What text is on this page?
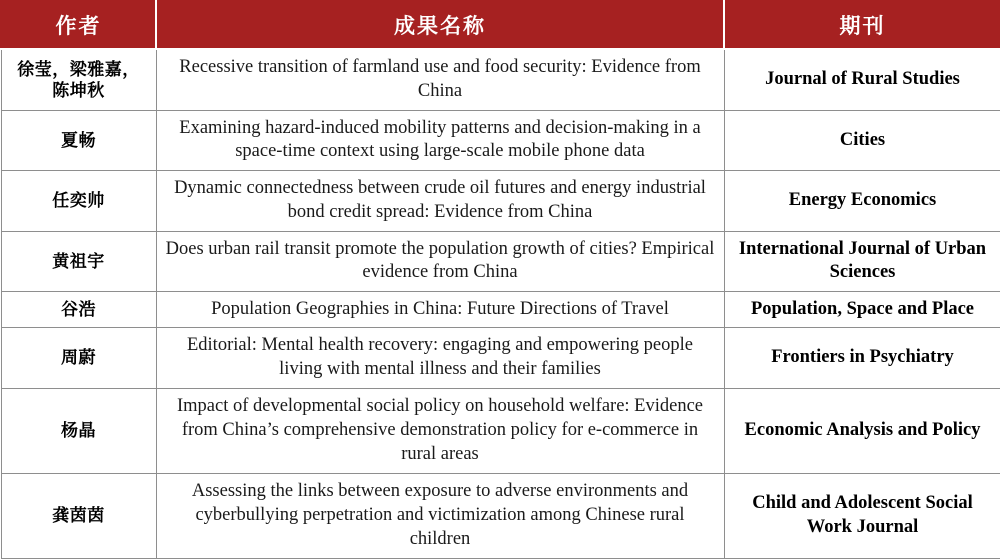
作者	成果名称	期刊
徐莹，梁雅嘉，陈坤秋	Recessive transition of farmland use and food security: Evidence from China	Journal of Rural Studies
夏畅	Examining hazard-induced mobility patterns and decision-making in a space-time context using large-scale mobile phone data	Cities
任奕帅	Dynamic connectedness between crude oil futures and energy industrial bond credit spread: Evidence from China	Energy Economics
黄祖宇	Does urban rail transit promote the population growth of cities? Empirical evidence from China	International Journal of Urban Sciences
谷浩	Population Geographies in China: Future Directions of Travel	Population, Space and Place
周蔚	Editorial: Mental health recovery: engaging and empowering people living with mental illness and their families	Frontiers in Psychiatry
杨晶	Impact of developmental social policy on household welfare: Evidence from China’s comprehensive demonstration policy for e-commerce in rural areas	Economic Analysis and Policy
龚茵茵	Assessing the links between exposure to adverse environments and cyberbullying perpetration and victimization among Chinese rural children	Child and Adolescent Social Work Journal
